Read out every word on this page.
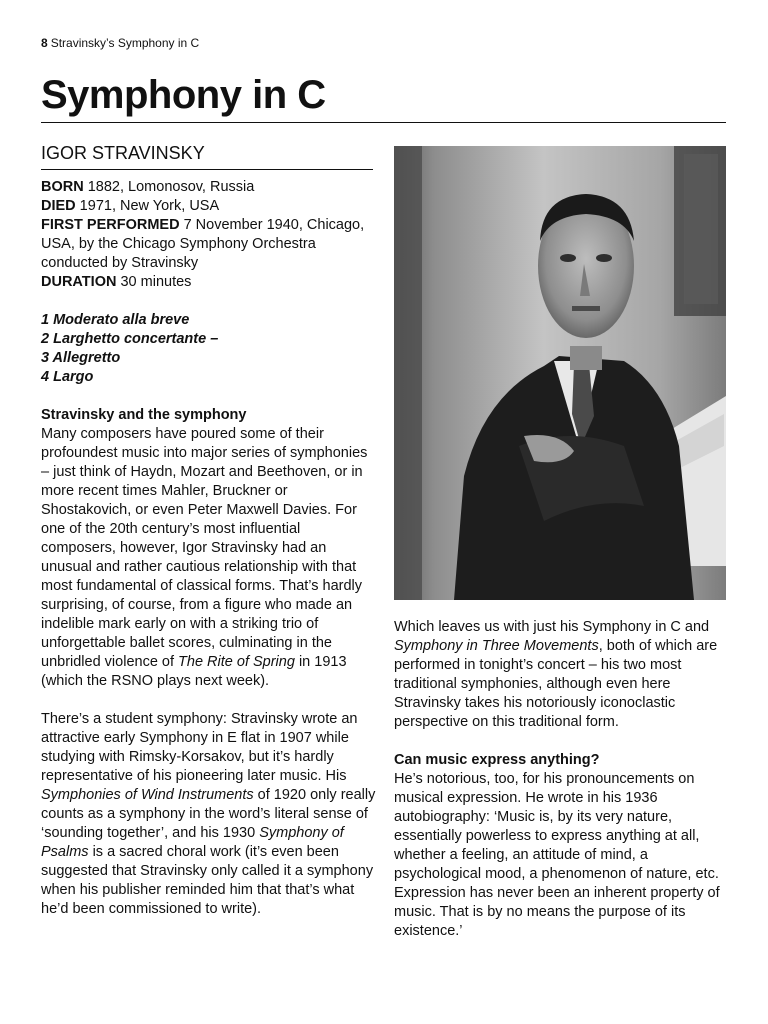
8 Stravinsky’s Symphony in C
Symphony in C
IGOR STRAVINSKY
BORN 1882, Lomonosov, Russia
DIED 1971, New York, USA
FIRST PERFORMED 7 November 1940, Chicago, USA, by the Chicago Symphony Orchestra conducted by Stravinsky
DURATION 30 minutes
1 Moderato alla breve
2 Larghetto concertante –
3 Allegretto
4 Largo
Stravinsky and the symphony

Many composers have poured some of their profoundest music into major series of symphonies – just think of Haydn, Mozart and Beethoven, or in more recent times Mahler, Bruckner or Shostakovich, or even Peter Maxwell Davies. For one of the 20th century’s most influential composers, however, Igor Stravinsky had an unusual and rather cautious relationship with that most fundamental of classical forms. That’s hardly surprising, of course, from a figure who made an indelible mark early on with a striking trio of unforgettable ballet scores, culminating in the unbridled violence of The Rite of Spring in 1913 (which the RSNO plays next week).

There’s a student symphony: Stravinsky wrote an attractive early Symphony in E flat in 1907 while studying with Rimsky-Korsakov, but it’s hardly representative of his pioneering later music. His Symphonies of Wind Instruments of 1920 only really counts as a symphony in the word’s literal sense of ‘sounding together’, and his 1930 Symphony of Psalms is a sacred choral work (it’s even been suggested that Stravinsky only called it a symphony when his publisher reminded him that that’s what he’d been commissioned to write).

Which leaves us with just his Symphony in C and Symphony in Three Movements, both of which are performed in tonight’s concert – his two most traditional symphonies, although even here Stravinsky takes his notoriously iconoclastic perspective on this traditional form.

Can music express anything?

He’s notorious, too, for his pronouncements on musical expression. He wrote in his 1936 autobiography: ‘Music is, by its very nature, essentially powerless to express anything at all, whether a feeling, an attitude of mind, a psychological mood, a phenomenon of nature, etc. Expression has never been an inherent property of music. That is by no means the purpose of its existence.’
